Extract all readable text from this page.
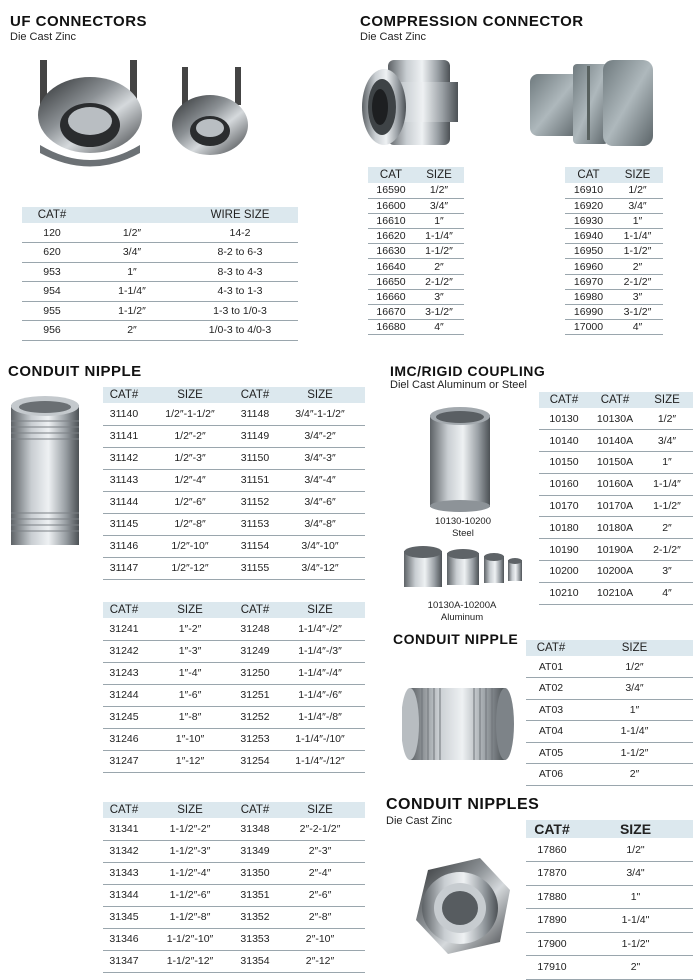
UF CONNECTORS
Die Cast Zinc
CAT#		WIRE SIZE
120	1/2″	14-2
620	3/4″	8-2 to 6-3
953	1″	8-3 to 4-3
954	1-1/4″	4-3 to 1-3
955	1-1/2″	1-3 to 1/0-3
956	2″	1/0-3 to 4/0-3
COMPRESSION CONNECTOR
Die Cast Zinc
CAT	SIZE
16590	1/2″
16600	3/4″
16610	1″
16620	1-1/4″
16630	1-1/2″
16640	2″
16650	2-1/2″
16660	3″
16670	3-1/2″
16680	4″
CAT	SIZE
16910	1/2″
16920	3/4″
16930	1″
16940	1-1/4″
16950	1-1/2″
16960	2″
16970	2-1/2″
16980	3″
16990	3-1/2″
17000	4″
CONDUIT NIPPLE
CAT#	SIZE	CAT#	SIZE
31140	1/2″-1-1/2″	31148	3/4″-1-1/2″
31141	1/2″-2″	31149	3/4″-2″
31142	1/2″-3″	31150	3/4″-3″
31143	1/2″-4″	31151	3/4″-4″
31144	1/2″-6″	31152	3/4″-6″
31145	1/2″-8″	31153	3/4″-8″
31146	1/2″-10″	31154	3/4″-10″
31147	1/2″-12″	31155	3/4″-12″
CAT#	SIZE	CAT#	SIZE
31241	1″-2″	31248	1-1/4″-/2″
31242	1″-3″	31249	1-1/4″-/3″
31243	1″-4″	31250	1-1/4″-/4″
31244	1″-6″	31251	1-1/4″-/6″
31245	1″-8″	31252	1-1/4″-/8″
31246	1″-10″	31253	1-1/4″-/10″
31247	1″-12″	31254	1-1/4″-/12″
CAT#	SIZE	CAT#	SIZE
31341	1-1/2″-2″	31348	2″-2-1/2″
31342	1-1/2″-3″	31349	2″-3″
31343	1-1/2″-4″	31350	2″-4″
31344	1-1/2″-6″	31351	2″-6″
31345	1-1/2″-8″	31352	2″-8″
31346	1-1/2″-10″	31353	2″-10″
31347	1-1/2″-12″	31354	2″-12″
IMC/RIGID COUPLING
Diel Cast Aluminum or Steel
10130-10200
Steel
10130A-10200A
Aluminum
CAT#	CAT#	SIZE
10130	10130A	1/2″
10140	10140A	3/4″
10150	10150A	1″
10160	10160A	1-1/4″
10170	10170A	1-1/2″
10180	10180A	2″
10190	10190A	2-1/2″
10200	10200A	3″
10210	10210A	4″
CONDUIT NIPPLE
CAT#	SIZE
AT01	1/2″
AT02	3/4″
AT03	1″
AT04	1-1/4″
AT05	1-1/2″
AT06	2″
CONDUIT NIPPLES
Die Cast Zinc	CAT#	SIZE
17860	1/2"
17870	3/4"
17880	1"
17890	1-1/4"
17900	1-1/2"
17910	2"
